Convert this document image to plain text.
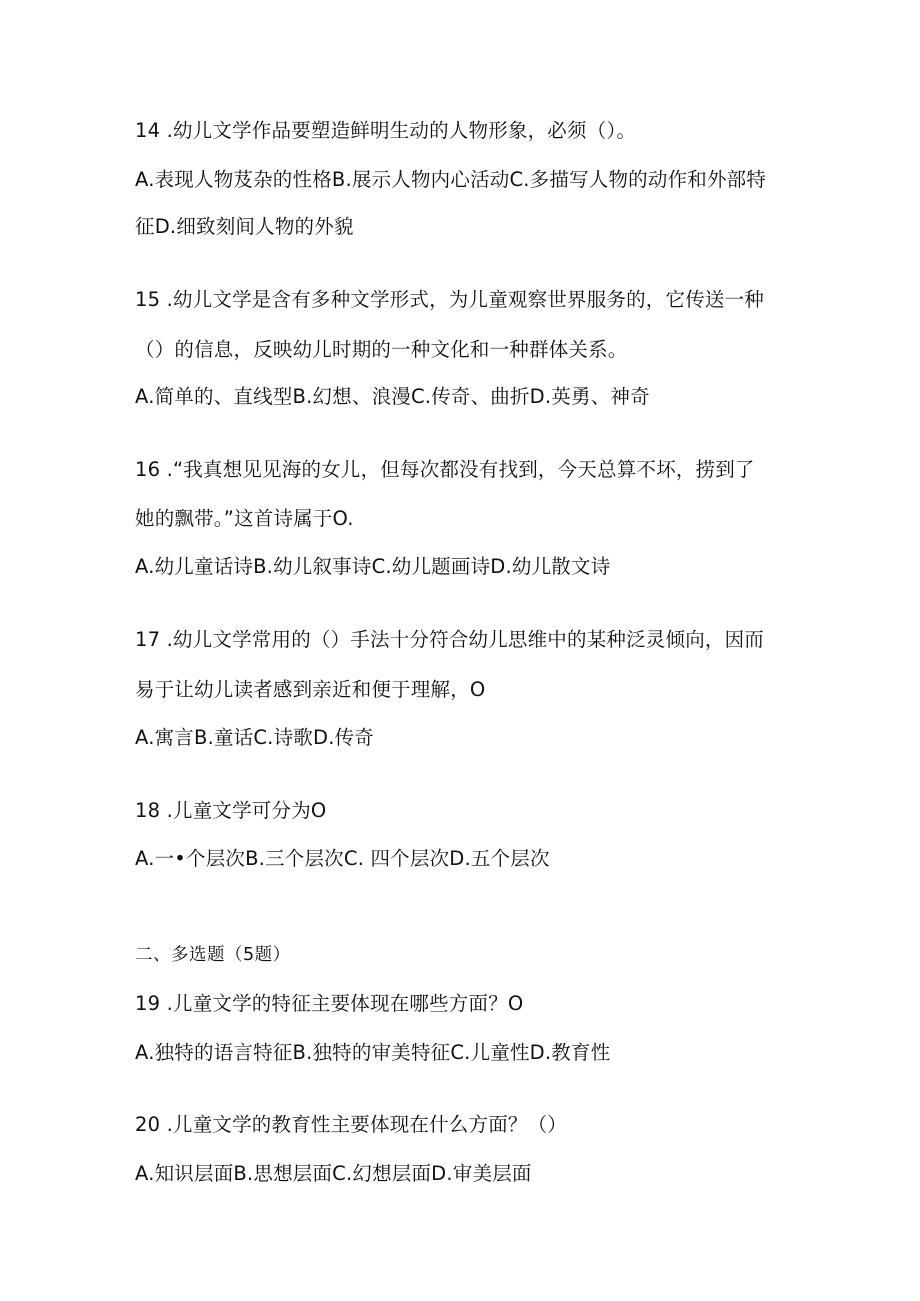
14 .幼儿文学作品要塑造鲜明生动的人物形象，必须（）。
A.表现人物芨杂的性格B.展示人物内心活动C.多描写人物的动作和外部特
征D.细致刻间人物的外貌
15 .幼儿文学是含有多种文学形式，为儿童观察世界服务的，它传送一种
（）的信息，反映幼儿时期的一种文化和一种群体关系。
A.简单的、直线型B.幻想、浪漫C.传奇、曲折D.英勇、神奇
16 .“我真想见见海的女儿，但每次都没有找到，今天总算不坏，捞到了
她的飘带。”这首诗属于O.
A.幼儿童话诗B.幼儿叙事诗C.幼儿题画诗D.幼儿散文诗
17 .幼儿文学常用的（）手法十分符合幼儿思维中的某种泛灵倾向，因而
易于让幼儿读者感到亲近和便于理解，O
A.寓言B.童话C.诗歌D.传奇
18 .儿童文学可分为O
A.一•个层次B.三个层次C. 四个层次D.五个层次
二、多选题（5题）
19 .儿童文学的特征主要体现在哪些方面？O
A.独特的语言特征B.独特的审美特征C.儿童性D.教育性
20 .儿童文学的教育性主要体现在什么方面？（）
A.知识层面B.思想层面C.幻想层面D.审美层面
